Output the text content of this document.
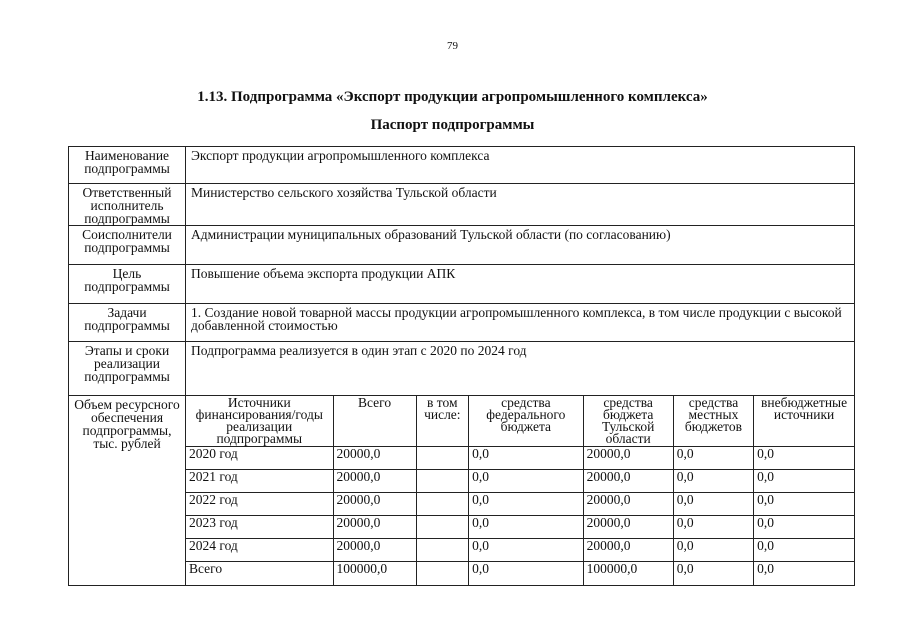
79
1.13. Подпрограмма «Экспорт продукции агропромышленного комплекса»
Паспорт подпрограммы
Наименование подпрограммы	Экспорт продукции агропромышленного комплекса
Ответственный исполнитель подпрограммы	Министерство сельского хозяйства Тульской области
Соисполнители подпрограммы	Администрации муниципальных образований Тульской области (по согласованию)
Цель подпрограммы	Повышение объема экспорта продукции АПК
Задачи подпрограммы	1. Создание новой товарной массы продукции агропромышленного комплекса, в том числе продукции с высокой добавленной стоимостью
Этапы и сроки реализации подпрограммы	Подпрограмма реализуется в один этап с 2020 по 2024 год
Объем ресурсного обеспечения подпрограммы, тыс. рублей	
Источники финансирования/годы реализации подпрограммы	Всего	в том числе:	средства федерального бюджета	средства бюджета Тульской области	средства местных бюджетов	внебюджетные источники
2020 год	20000,0		0,0	20000,0	0,0	0,0
2021 год	20000,0		0,0	20000,0	0,0	0,0
2022 год	20000,0		0,0	20000,0	0,0	0,0
2023 год	20000,0		0,0	20000,0	0,0	0,0
2024 год	20000,0		0,0	20000,0	0,0	0,0
Всего	100000,0		0,0	100000,0	0,0	0,0
